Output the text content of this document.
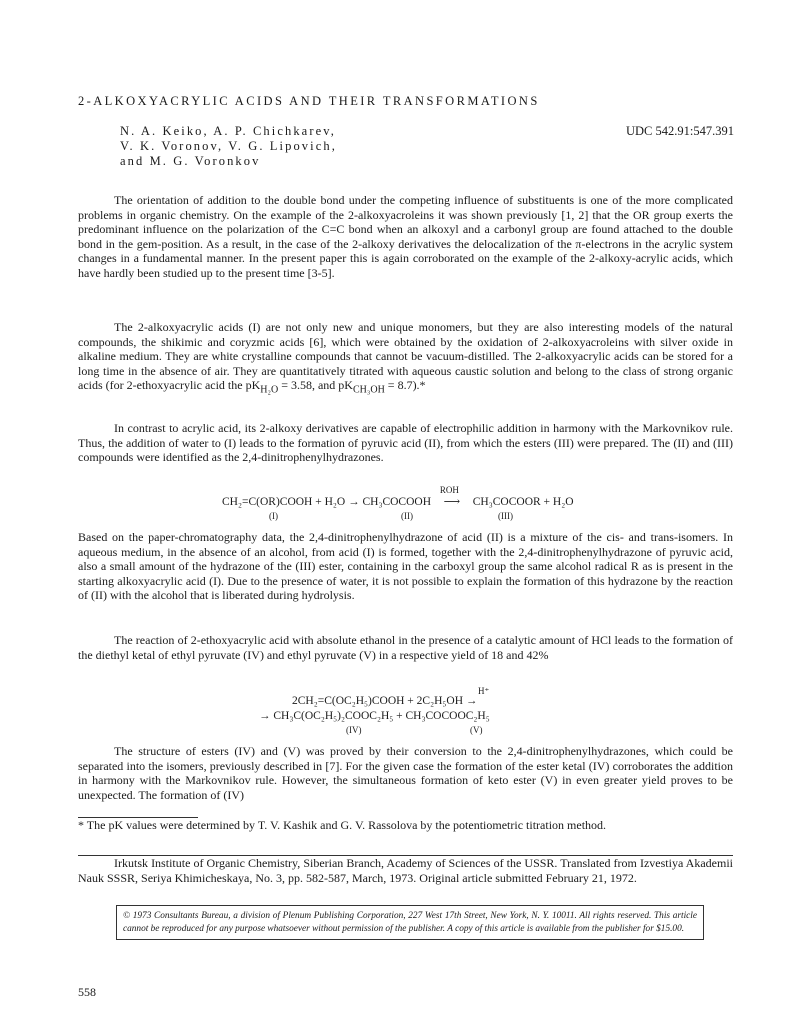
2-ALKOXYACRYLIC ACIDS AND THEIR TRANSFORMATIONS
N. A. Keiko, A. P. Chichkarev,
V. K. Voronov, V. G. Lipovich,
and M. G. Voronkov
UDC 542.91:547.391

The orientation of addition to the double bond under the competing influence of substituents is one of the more complicated problems in organic chemistry. On the example of the 2-alkoxyacroleins it was shown previously [1, 2] that the OR group exerts the predominant influence on the polarization of the C=C bond when an alkoxyl and a carbonyl group are found attached to the double bond in the gem-position. As a result, in the case of the 2-alkoxy derivatives the delocalization of the π-electrons in the acrylic system changes in a fundamental manner. In the present paper this is again corroborated on the example of the 2-alkoxy-acrylic acids, which have hardly been studied up to the present time [3-5].

The 2-alkoxyacrylic acids (I) are not only new and unique monomers, but they are also interesting models of the natural compounds, the shikimic and coryzmic acids [6], which were obtained by the oxidation of 2-alkoxyacroleins with silver oxide in alkaline medium. They are white crystalline compounds that cannot be vacuum-distilled. The 2-alkoxyacrylic acids can be stored for a long time in the absence of air. They are quantitatively titrated with aqueous caustic solution and belong to the class of strong organic acids (for 2-ethoxyacrylic acid the $pK_{H_2O} = 3.58$, and $pK_{CH_3OH} = 8.7).*$

In contrast to acrylic acid, its 2-alkoxy derivatives are capable of electrophilic addition in harmony with the Markovnikov rule. Thus, the addition of water to (I) leads to the formation of pyruvic acid (II), from which the esters (III) were prepared. The (II) and (III) compounds were identified as the 2,4-dinitrophenylhydrazones.

CH₂=C(OR)COOH + H₂O → CH₃COCOOH
ROH
⟶ CH₃COCOOR + H₂O
(I)	(II)	(III)

Based on the paper-chromatography data, the 2,4-dinitrophenylhydrazone of acid (II) is a mixture of the cis- and trans-isomers. In aqueous medium, in the absence of an alcohol, from acid (I) is formed, together with the 2,4-dinitrophenylhydrazone of pyruvic acid, also a small amount of the hydrazone of the (III) ester, containing in the carboxyl group the same alcohol radical R as is present in the starting alkoxyacrylic acid (I). Due to the presence of water, it is not possible to explain the formation of this hydrazone by the reaction of (II) with the alcohol that is liberated during hydrolysis.

The reaction of 2-ethoxyacrylic acid with absolute ethanol in the presence of a catalytic amount of HCl leads to the formation of the diethyl ketal of ethyl pyruvate (IV) and ethyl pyruvate (V) in a respective yield of 18 and 42%

H⁺
2CH₂=C(OC₂H₅)COOH + 2C₂H₅OH →
→ CH₃C(OC₂H₅)₂COOC₂H₅ + CH₃COCOOC₂H₅
(IV)	(V)

The structure of esters (IV) and (V) was proved by their conversion to the 2,4-dinitrophenylhydrazones, which could be separated into the isomers, previously described in [7]. For the given case the formation of the ester ketal (IV) corroborates the addition in harmony with the Markovnikov rule. However, the simultaneous formation of keto ester (V) in even greater yield proves to be unexpected. The formation of (IV)

* The pK values were determined by T. V. Kashik and G. V. Rassolova by the potentiometric titration method.

Irkutsk Institute of Organic Chemistry, Siberian Branch, Academy of Sciences of the USSR. Translated from Izvestiya Akademii Nauk SSSR, Seriya Khimicheskaya, No. 3, pp. 582-587, March, 1973. Original article submitted February 21, 1972.

© 1973 Consultants Bureau, a division of Plenum Publishing Corporation, 227 West 17th Street, New York, N. Y. 10011. All rights reserved. This article cannot be reproduced for any purpose whatsoever without permission of the publisher. A copy of this article is available from the publisher for $15.00.
558
